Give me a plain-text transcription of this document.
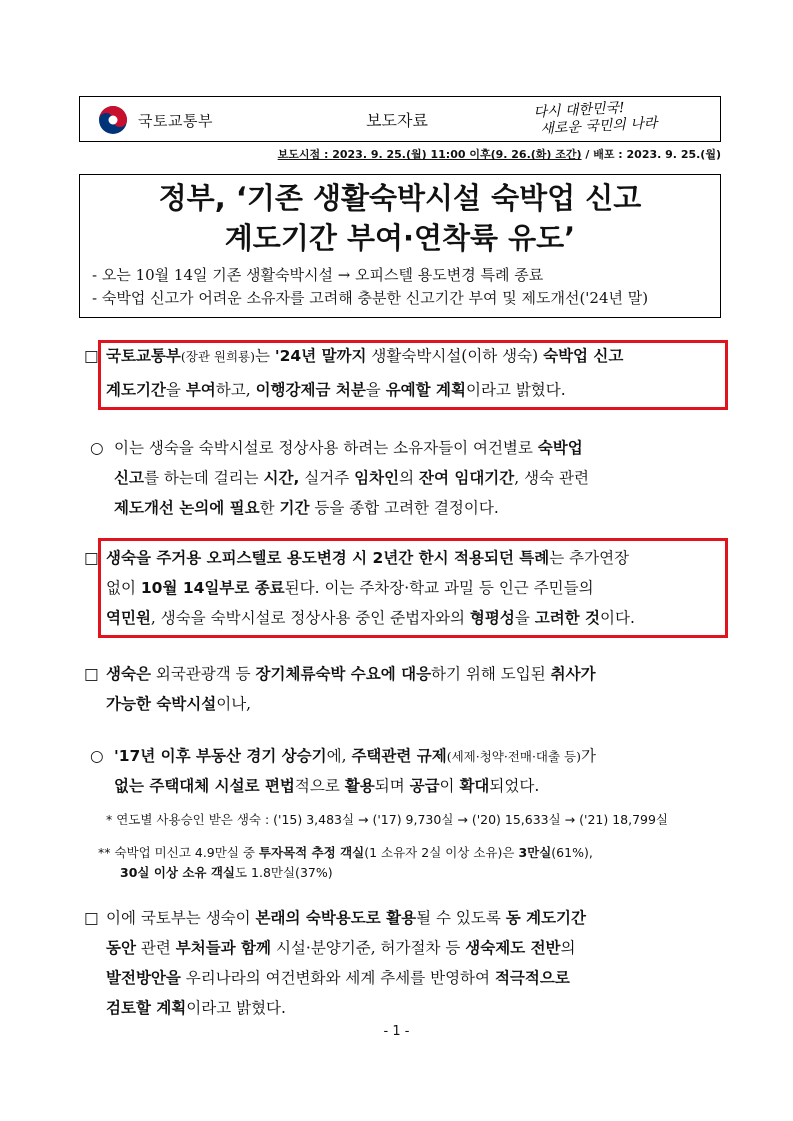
국토교통부	보도자료	다시 대한민국!
새로운 국민의 나라
보도시점 : 2023. 9. 25.(월) 11:00 이후(9. 26.(화) 조간) / 배포 : 2023. 9. 25.(월)
정부, ‘기존 생활숙박시설 숙박업 신고
계도기간 부여·연착륙 유도’
- 오는 10월 14일 기존 생활숙박시설 → 오피스텔 용도변경 특례 종료
- 숙박업 신고가 어려운 소유자를 고려해 충분한 신고기간 부여 및 제도개선('24년 말)
□ 국토교통부(장관 원희룡)는 '24년 말까지 생활숙박시설(이하 생숙) 숙박업 신고
계도기간을 부여하고, 이행강제금 처분을 유예할 계획이라고 밝혔다.
○ 이는 생숙을 숙박시설로 정상사용 하려는 소유자들이 여건별로 숙박업
신고를 하는데 걸리는 시간, 실거주 임차인의 잔여 임대기간, 생숙 관련
제도개선 논의에 필요한 기간 등을 종합 고려한 결정이다.
□ 생숙을 주거용 오피스텔로 용도변경 시 2년간 한시 적용되던 특례는 추가연장
없이 10월 14일부로 종료된다. 이는 주차장·학교 과밀 등 인근 주민들의
역민원, 생숙을 숙박시설로 정상사용 중인 준법자와의 형평성을 고려한 것이다.
□ 생숙은 외국관광객 등 장기체류숙박 수요에 대응하기 위해 도입된 취사가
가능한 숙박시설이나,
○ '17년 이후 부동산 경기 상승기에, 주택관련 규제(세제·청약·전매·대출 등)가
없는 주택대체 시설로 편법적으로 활용되며 공급이 확대되었다.
* 연도별 사용승인 받은 생숙 : ('15) 3,483실 → ('17) 9,730실 → ('20) 15,633실 → ('21) 18,799실
** 숙박업 미신고 4.9만실 중 투자목적 추정 객실(1 소유자 2실 이상 소유)은 3만실(61%),
30실 이상 소유 객실도 1.8만실(37%)
□ 이에 국토부는 생숙이 본래의 숙박용도로 활용될 수 있도록 동 계도기간
동안 관련 부처들과 함께 시설·분양기준, 허가절차 등 생숙제도 전반의
발전방안을 우리나라의 여건변화와 세계 추세를 반영하여 적극적으로
검토할 계획이라고 밝혔다.
- 1 -
